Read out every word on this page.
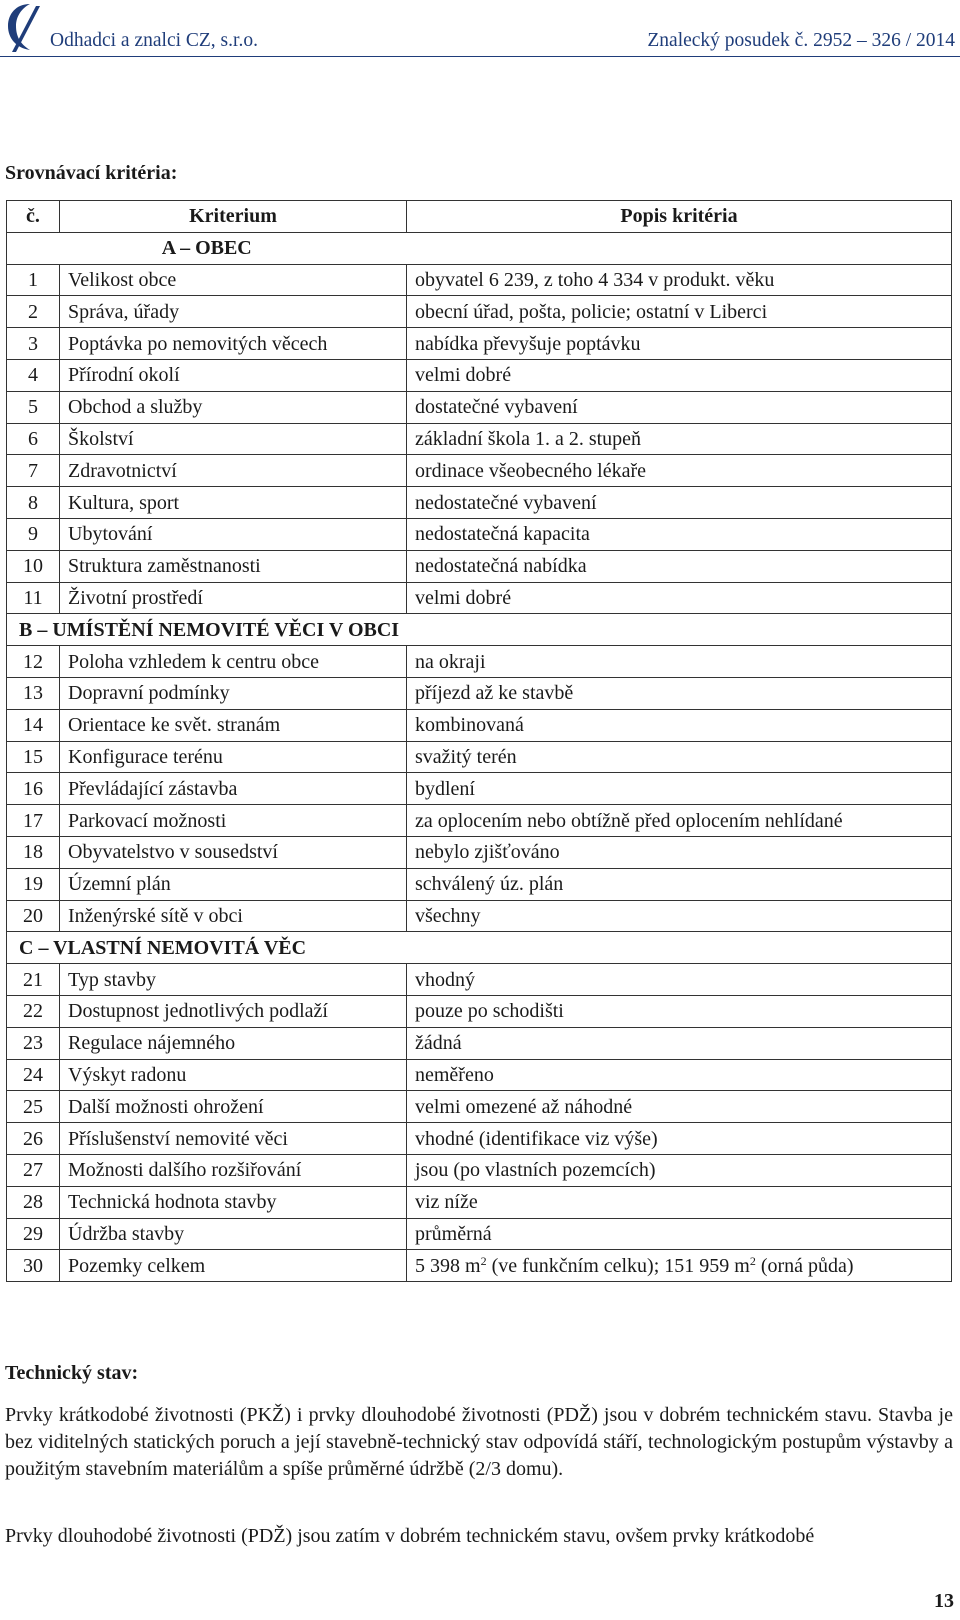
Odhadci a znalci CZ, s.r.o.	Znalecký posudek č. 2952 – 326 / 2014
Srovnávací kritéria:
č.	Kriterium	Popis kritéria
A – OBEC		
1	Velikost obce	obyvatel 6 239, z toho 4 334 v produkt. věku
2	Správa, úřady	obecní úřad, pošta, policie; ostatní v Liberci
3	Poptávka po nemovitých věcech	nabídka převyšuje poptávku
4	Přírodní okolí	velmi dobré
5	Obchod a služby	dostatečné vybavení
6	Školství	základní škola 1. a 2. stupeň
7	Zdravotnictví	ordinace všeobecného lékaře
8	Kultura, sport	nedostatečné vybavení
9	Ubytování	nedostatečná kapacita
10	Struktura zaměstnanosti	nedostatečná nabídka
11	Životní prostředí	velmi dobré
B – UMÍSTĚNÍ NEMOVITÉ VĚCI V OBCI		
12	Poloha vzhledem k centru obce	na okraji
13	Dopravní podmínky	příjezd až ke stavbě
14	Orientace ke svět. stranám	kombinovaná
15	Konfigurace terénu	svažitý terén
16	Převládající zástavba	bydlení
17	Parkovací možnosti	za oplocením nebo obtížně před oplocením nehlídané
18	Obyvatelstvo v sousedství	nebylo zjišťováno
19	Územní plán	schválený úz. plán
20	Inženýrské sítě v obci	všechny
C – VLASTNÍ NEMOVITÁ VĚC		
21	Typ stavby	vhodný
22	Dostupnost jednotlivých podlaží	pouze po schodišti
23	Regulace nájemného	žádná
24	Výskyt radonu	neměřeno
25	Další možnosti ohrožení	velmi omezené až náhodné
26	Příslušenství nemovité věci	vhodné (identifikace viz výše)
27	Možnosti dalšího rozšiřování	jsou (po vlastních pozemcích)
28	Technická hodnota stavby	viz níže
29	Údržba stavby	průměrná
30	Pozemky celkem	5 398 $m^2$ (ve funkčním celku); 151 959 $m^2$ (orná půda)
Technický stav:

Prvky krátkodobé životnosti (PKŽ) i prvky dlouhodobé životnosti (PDŽ) jsou v dobrém technickém stavu. Stavba je bez viditelných statických poruch a její stavebně-technický stav odpovídá stáří, technologickým postupům výstavby a použitým stavebním materiálům a spíše průměrné údržbě (2/3 domu).

Prvky dlouhodobé životnosti (PDŽ) jsou zatím v dobrém technickém stavu, ovšem prvky krátkodobé

13
